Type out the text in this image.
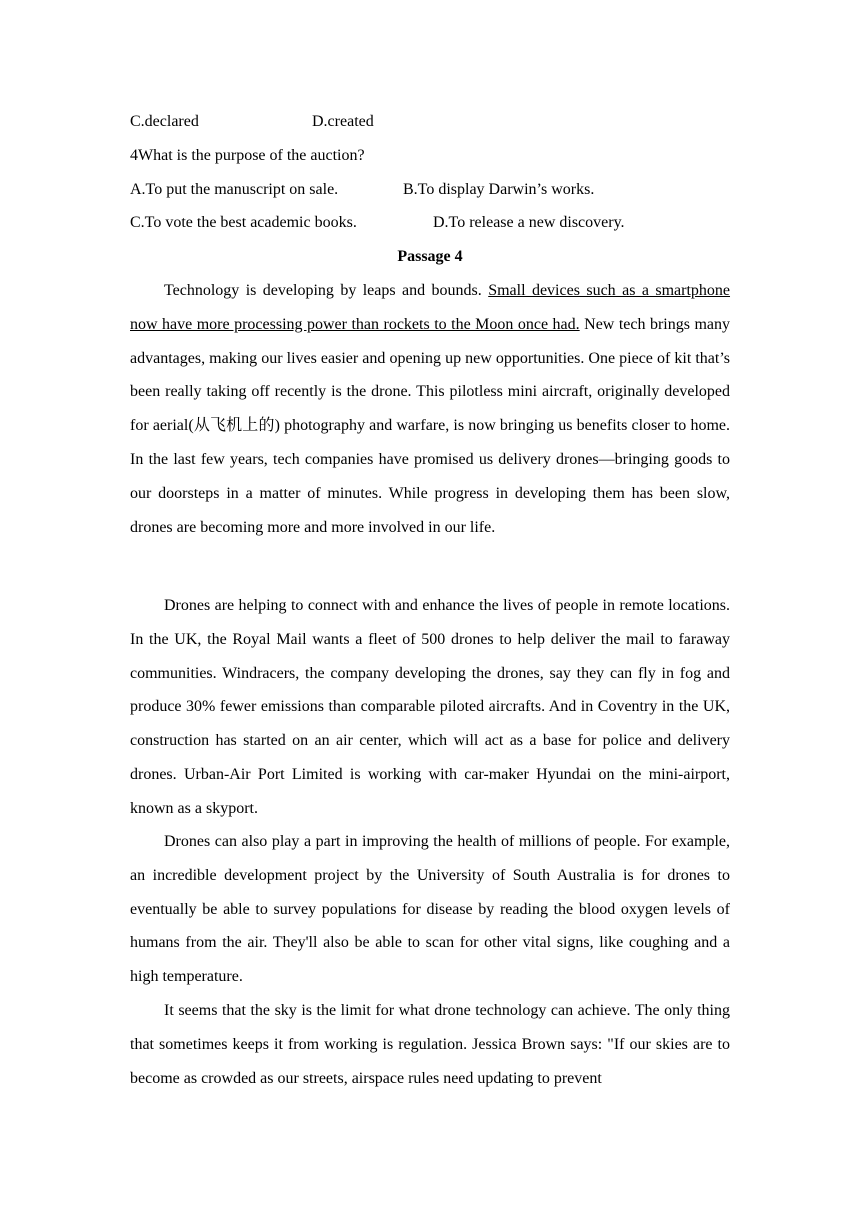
C.declared	D.created
4What is the purpose of the auction?
A.To put the manuscript on sale.	B.To display Darwin’s works.
C.To vote the best academic books.	D.To release a new discovery.
Passage 4

Technology is developing by leaps and bounds. Small devices such as a smartphone now have more processing power than rockets to the Moon once had. New tech brings many advantages, making our lives easier and opening up new opportunities. One piece of kit that’s been really taking off recently is the drone. This pilotless mini aircraft, originally developed for aerial(从飞机上的) photography and warfare, is now bringing us benefits closer to home. In the last few years, tech companies have promised us delivery drones—bringing goods to our doorsteps in a matter of minutes. While progress in developing them has been slow, drones are becoming more and more involved in our life.

Drones are helping to connect with and enhance the lives of people in remote locations. In the UK, the Royal Mail wants a fleet of 500 drones to help deliver the mail to faraway communities. Windracers, the company developing the drones, say they can fly in fog and produce 30% fewer emissions than comparable piloted aircrafts. And in Coventry in the UK, construction has started on an air center, which will act as a base for police and delivery drones. Urban-Air Port Limited is working with car-maker Hyundai on the mini-airport, known as a skyport.

Drones can also play a part in improving the health of millions of people. For example, an incredible development project by the University of South Australia is for drones to eventually be able to survey populations for disease by reading the blood oxygen levels of humans from the air. They'll also be able to scan for other vital signs, like coughing and a high temperature.

It seems that the sky is the limit for what drone technology can achieve. The only thing that sometimes keeps it from working is regulation. Jessica Brown says: "If our skies are to become as crowded as our streets, airspace rules need updating to prevent
